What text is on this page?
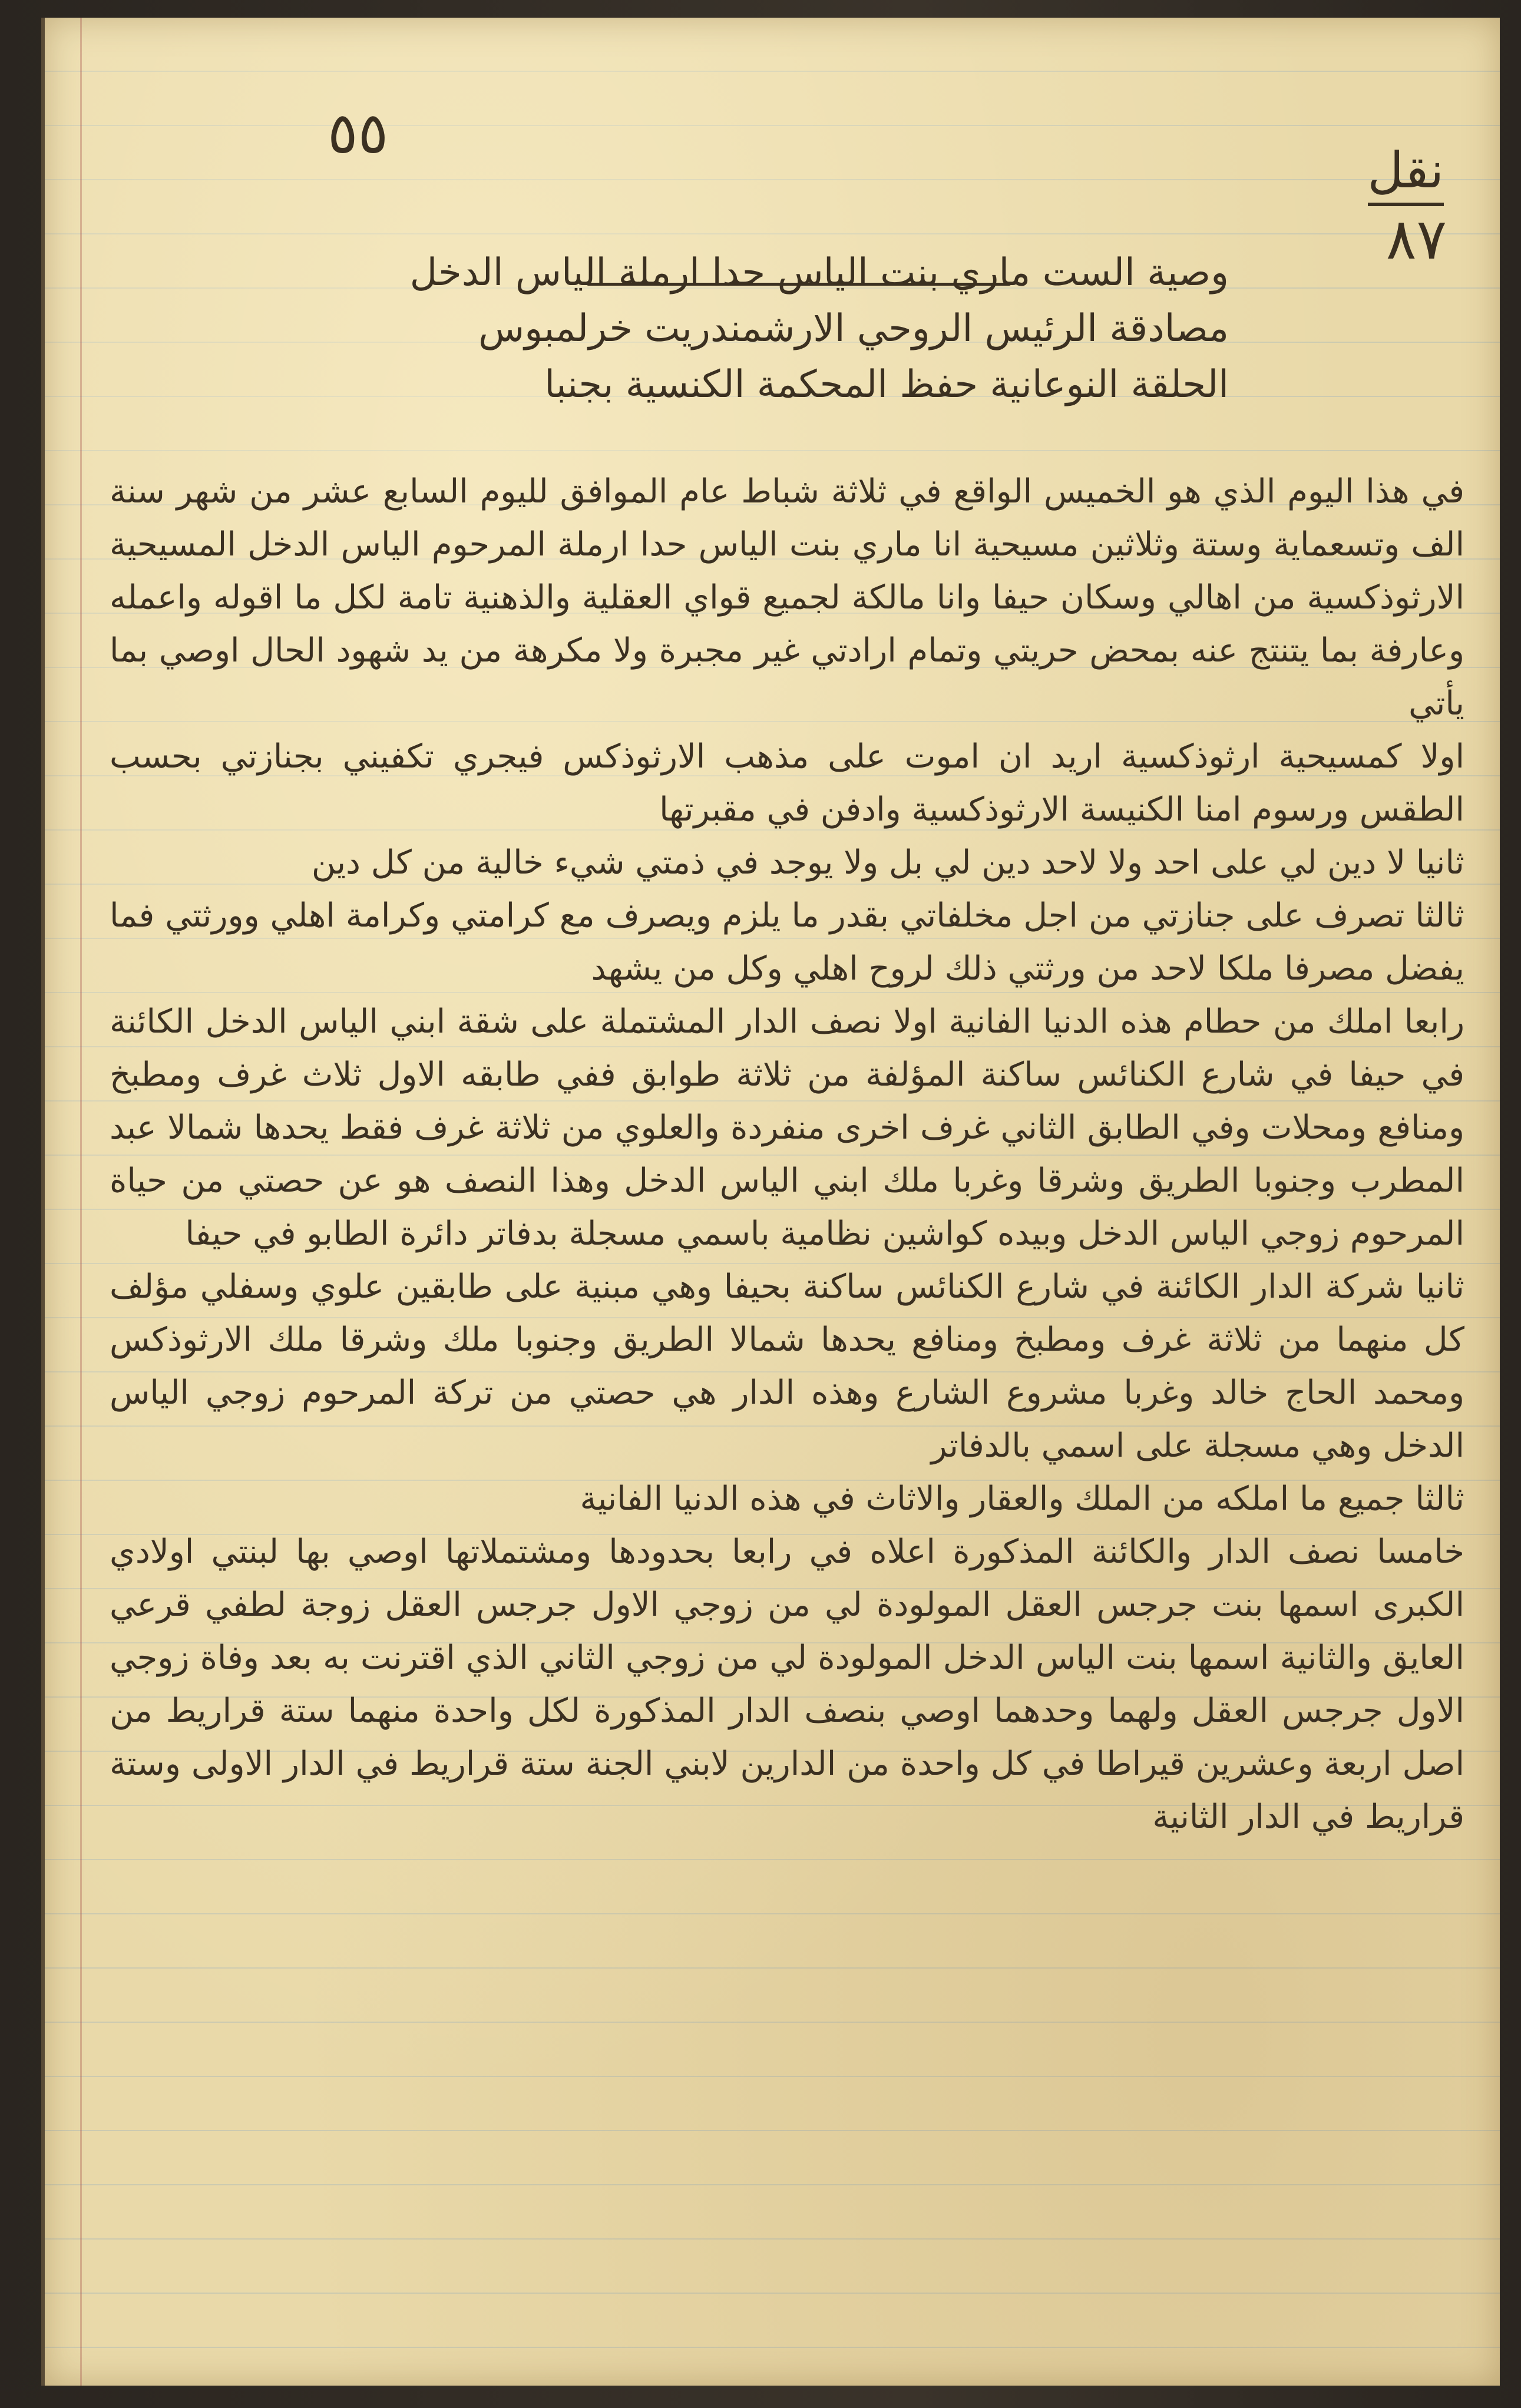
٥٥
نقل
٨٧
وصية الست ماري بنت الياس حدا ارملة الياس الدخل
مصادقة الرئيس الروحي الارشمندريت خرلمبوس
الحلقة النوعانية حفظ المحكمة الكنسية بجنبا

في هذا اليوم الذي هو الخميس الواقع في ثلاثة شباط عام الموافق لليوم السابع عشر من شهر سنة الف وتسعماية وستة وثلاثين مسيحية انا ماري بنت الياس حدا ارملة المرحوم الياس الدخل المسيحية الارثوذكسية من اهالي وسكان حيفا وانا مالكة لجميع قواي العقلية والذهنية تامة لكل ما اقوله واعمله وعارفة بما يتنتج عنه بمحض حريتي وتمام ارادتي غير مجبرة ولا مكرهة من يد شهود الحال اوصي بما يأتي

اولا كمسيحية ارثوذكسية اريد ان اموت على مذهب الارثوذكس فيجري تكفيني بجنازتي بحسب الطقس ورسوم امنا الكنيسة الارثوذكسية وادفن في مقبرتها

ثانيا لا دين لي على احد ولا لاحد دين لي بل ولا يوجد في ذمتي شيء خالية من كل دين

ثالثا تصرف على جنازتي من اجل مخلفاتي بقدر ما يلزم ويصرف مع كرامتي وكرامة اهلي وورثتي فما يفضل مصرفا ملكا لاحد من ورثتي ذلك لروح اهلي وكل من يشهد

رابعا املك من حطام هذه الدنيا الفانية اولا نصف الدار المشتملة على شقة ابني الياس الدخل الكائنة في حيفا في شارع الكنائس ساكنة المؤلفة من ثلاثة طوابق ففي طابقه الاول ثلاث غرف ومطبخ ومنافع ومحلات وفي الطابق الثاني غرف اخرى منفردة والعلوي من ثلاثة غرف فقط يحدها شمالا عبد المطرب وجنوبا الطريق وشرقا وغربا ملك ابني الياس الدخل وهذا النصف هو عن حصتي من حياة المرحوم زوجي الياس الدخل وبيده كواشين نظامية باسمي مسجلة بدفاتر دائرة الطابو في حيفا

ثانيا شركة الدار الكائنة في شارع الكنائس ساكنة بحيفا وهي مبنية على طابقين علوي وسفلي مؤلف كل منهما من ثلاثة غرف ومطبخ ومنافع يحدها شمالا الطريق وجنوبا ملك وشرقا ملك الارثوذكس ومحمد الحاج خالد وغربا مشروع الشارع وهذه الدار هي حصتي من تركة المرحوم زوجي الياس الدخل وهي مسجلة على اسمي بالدفاتر

ثالثا جميع ما املكه من الملك والعقار والاثاث في هذه الدنيا الفانية

خامسا نصف الدار والكائنة المذكورة اعلاه في رابعا بحدودها ومشتملاتها اوصي بها لبنتي اولادي الكبرى اسمها بنت جرجس العقل المولودة لي من زوجي الاول جرجس العقل زوجة لطفي قرعي العايق والثانية اسمها بنت الياس الدخل المولودة لي من زوجي الثاني الذي اقترنت به بعد وفاة زوجي الاول جرجس العقل ولهما وحدهما اوصي بنصف الدار المذكورة لكل واحدة منهما ستة قراريط من اصل اربعة وعشرين قيراطا في كل واحدة من الدارين لابني الجنة ستة قراريط في الدار الاولى وستة قراريط في الدار الثانية
